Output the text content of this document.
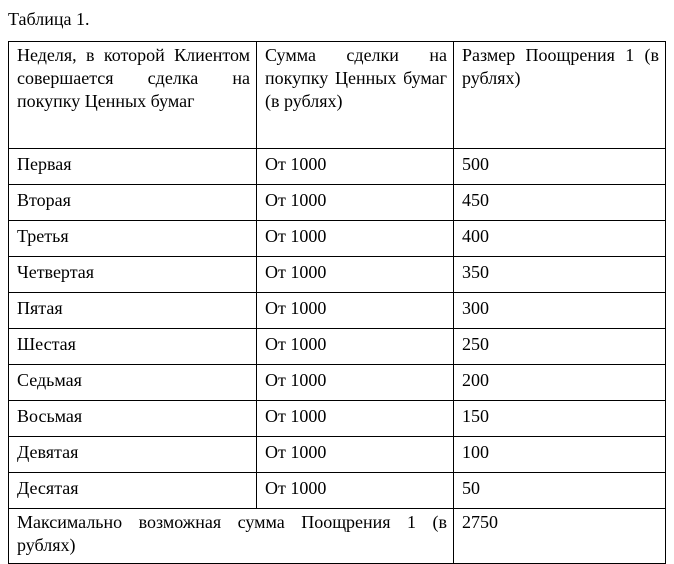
Таблица 1.
Неделя, в которой Клиентом совершается сделка на покупку Ценных бумаг	Сумма сделки на покупку Ценных бумаг (в рублях)	Размер Поощрения 1 (в рублях)
Первая	От 1000	500
Вторая	От 1000	450
Третья	От 1000	400
Четвертая	От 1000	350
Пятая	От 1000	300
Шестая	От 1000	250
Седьмая	От 1000	200
Восьмая	От 1000	150
Девятая	От 1000	100
Десятая	От 1000	50
Максимально возможная сумма Поощрения 1 (в рублях)		2750
